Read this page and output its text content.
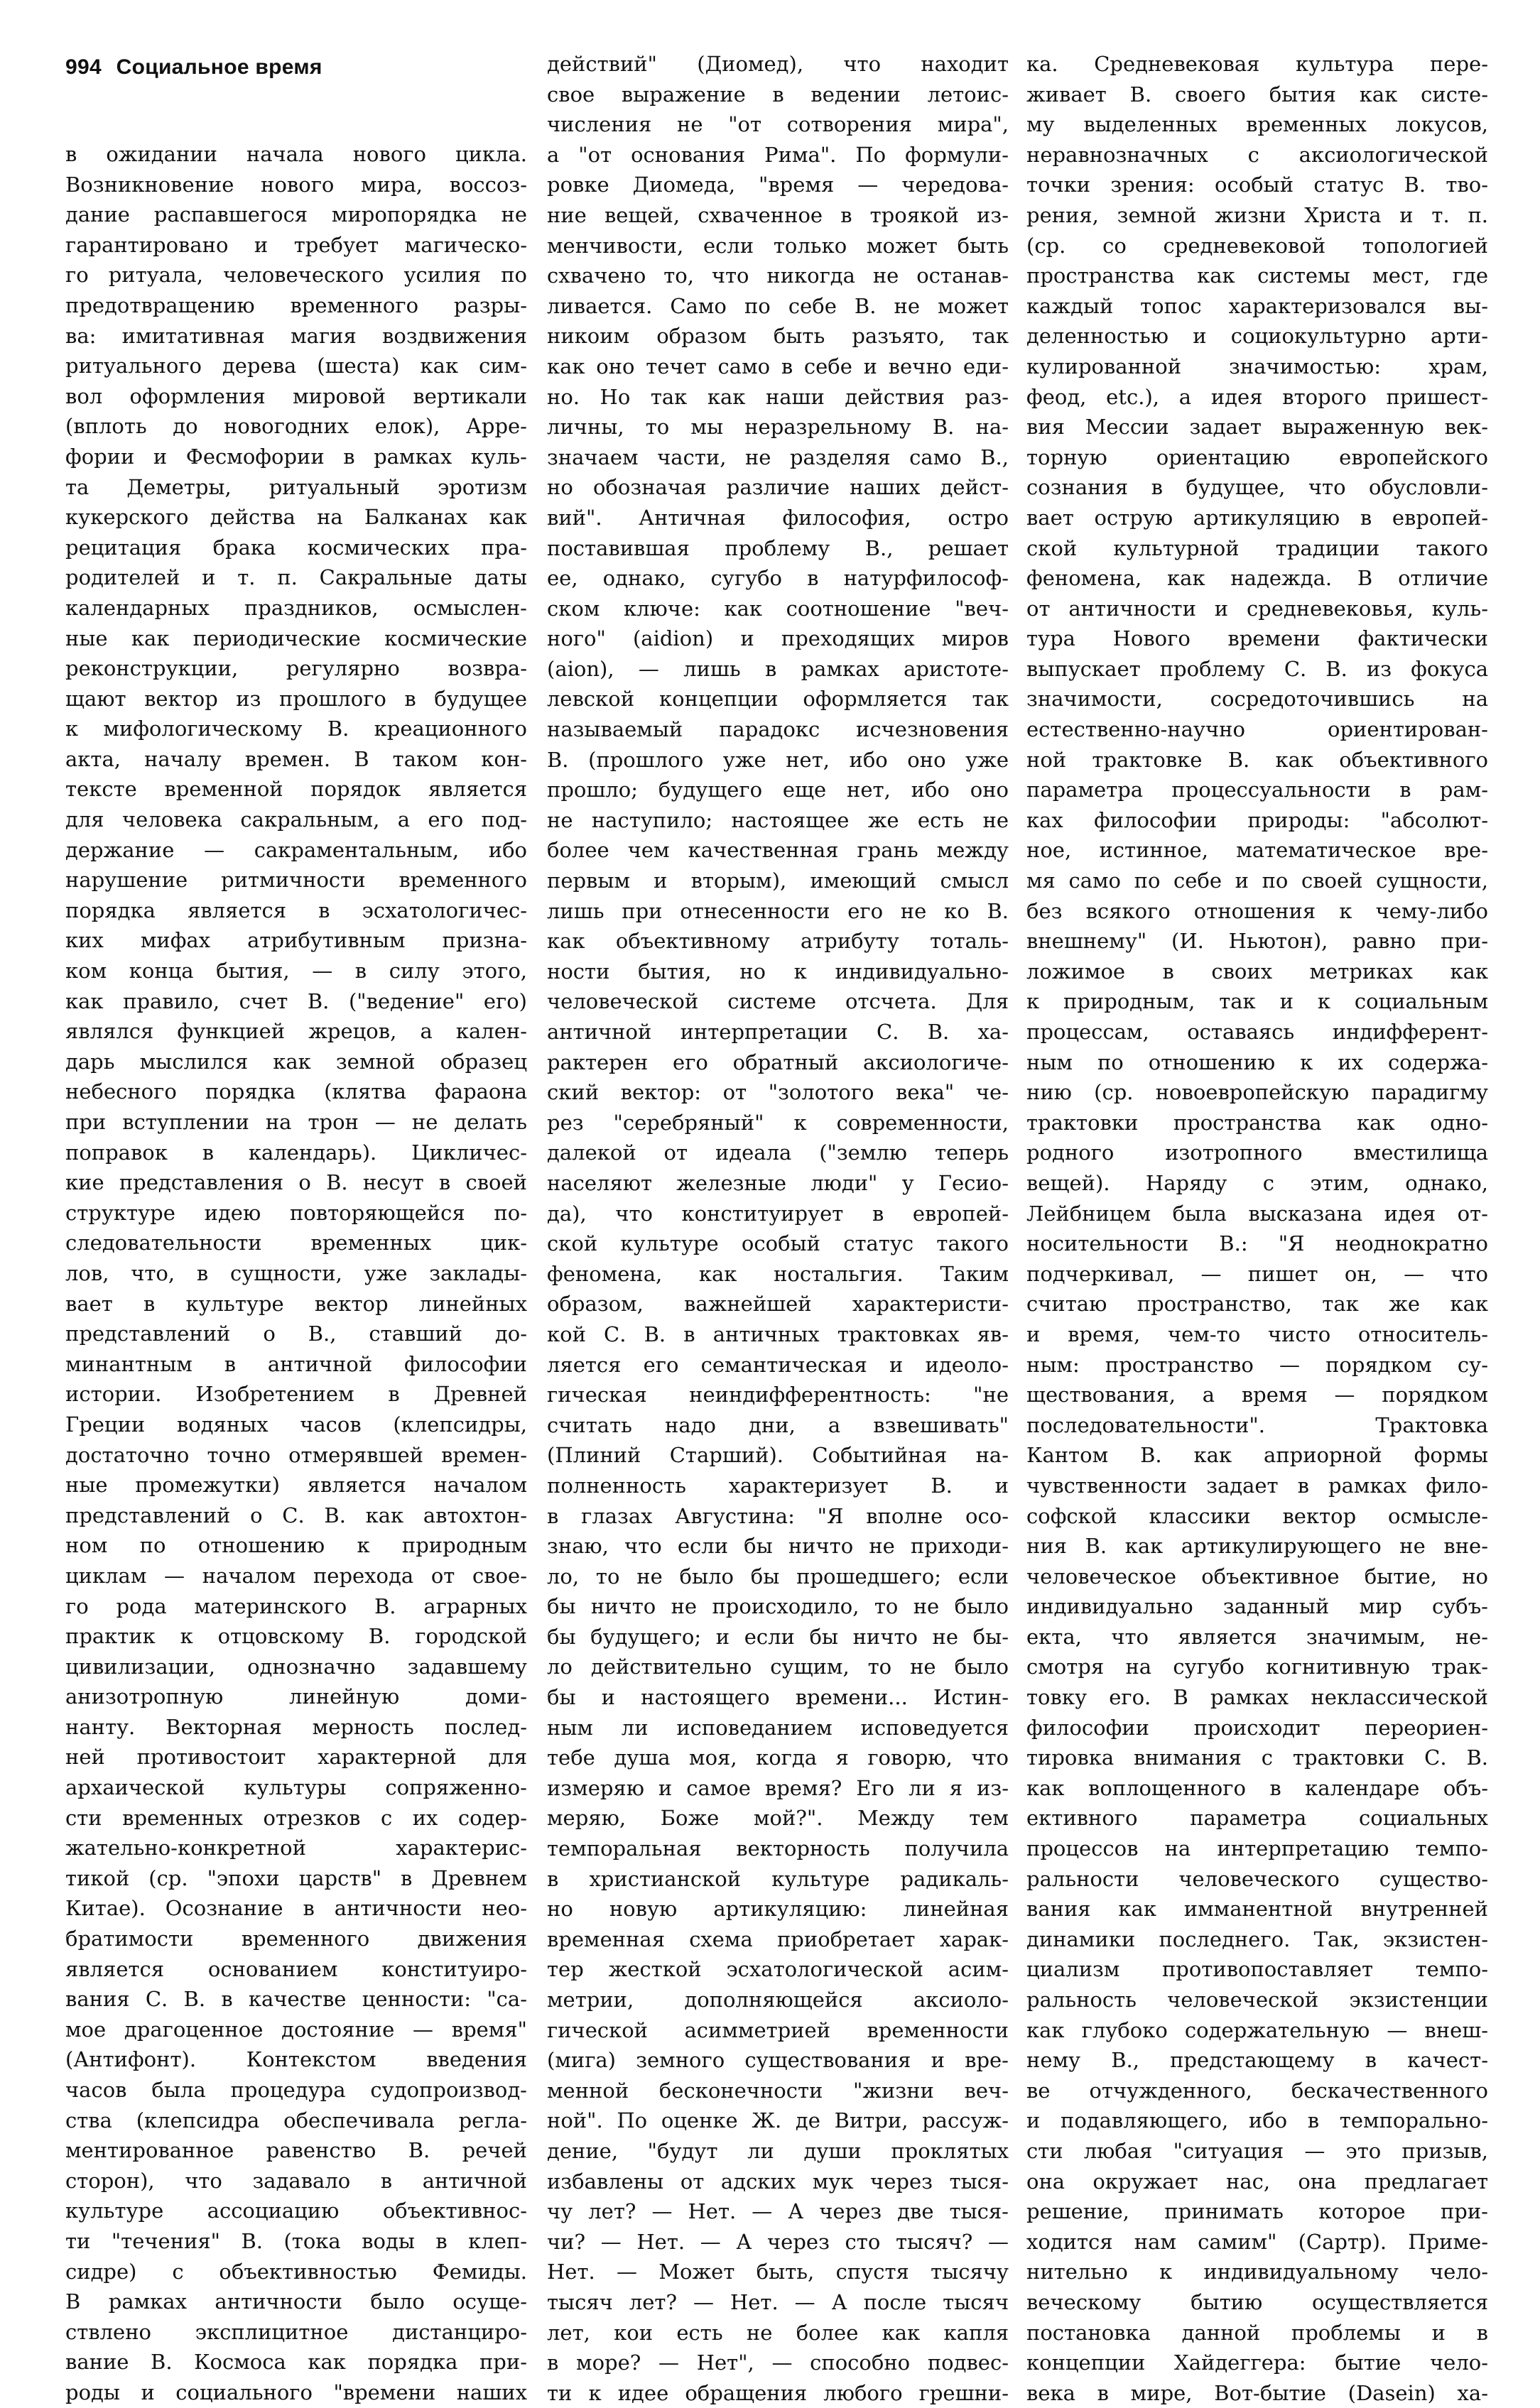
994 Социальное время
в ожидании начала нового цикла.
Возникновение нового мира, воссоз-
дание распавшегося миропорядка не
гарантировано и требует магическо-
го ритуала, человеческого усилия по
предотвращению временного разры-
ва: имитативная магия воздвижения
ритуального дерева (шеста) как сим-
вол оформления мировой вертикали
(вплоть до новогодних елок), Арре-
фории и Фесмофории в рамках куль-
та Деметры, ритуальный эротизм
кукерского действа на Балканах как
рецитация брака космических пра-
родителей и т. п. Сакральные даты
календарных праздников, осмыслен-
ные как периодические космические
реконструкции, регулярно возвра-
щают вектор из прошлого в будущее
к мифологическому В. креационного
акта, началу времен. В таком кон-
тексте временной порядок является
для человека сакральным, а его под-
держание — сакраментальным, ибо
нарушение ритмичности временного
порядка является в эсхатологичес-
ких мифах атрибутивным призна-
ком конца бытия, — в силу этого,
как правило, счет В. ("ведение" его)
являлся функцией жрецов, а кален-
дарь мыслился как земной образец
небесного порядка (клятва фараона
при вступлении на трон — не делать
поправок в календарь). Цикличес-
кие представления о В. несут в своей
структуре идею повторяющейся по-
следовательности временных цик-
лов, что, в сущности, уже заклады-
вает в культуре вектор линейных
представлений о В., ставший до-
минантным в античной философии
истории. Изобретением в Древней
Греции водяных часов (клепсидры,
достаточно точно отмерявшей времен-
ные промежутки) является началом
представлений о С. В. как автохтон-
ном по отношению к природным
циклам — началом перехода от свое-
го рода материнского В. аграрных
практик к отцовскому В. городской
цивилизации, однозначно задавшему
анизотропную линейную доми-
нанту. Векторная мерность послед-
ней противостоит характерной для
архаической культуры сопряженно-
сти временных отрезков с их содер-
жательно-конкретной характерис-
тикой (ср. "эпохи царств" в Древнем
Китае). Осознание в античности нео-
братимости временного движения
является основанием конституиро-
вания С. В. в качестве ценности: "са-
мое драгоценное достояние — время"
(Антифонт). Контекстом введения
часов была процедура судопроизвод-
ства (клепсидра обеспечивала регла-
ментированное равенство В. речей
сторон), что задавало в античной
культуре ассоциацию объективнос-
ти "течения" В. (тока воды в клеп-
сидре) с объективностью Фемиды.
В рамках античности было осуще-
ствлено эксплицитное дистанциро-
вание В. Космоса как порядка при-
роды и социального "времени наших
действий" (Диомед), что находит
свое выражение в ведении летоис-
числения не "от сотворения мира",
а "от основания Рима". По формули-
ровке Диомеда, "время — чередова-
ние вещей, схваченное в троякой из-
менчивости, если только может быть
схвачено то, что никогда не останав-
ливается. Само по себе В. не может
никоим образом быть разъято, так
как оно течет само в себе и вечно еди-
но. Но так как наши действия раз-
личны, то мы неразрельному В. на-
значаем части, не разделяя само В.,
но обозначая различие наших дейст-
вий". Античная философия, остро
поставившая проблему В., решает
ее, однако, сугубо в натурфилософ-
ском ключе: как соотношение "веч-
ного" (aidion) и преходящих миров
(aion), — лишь в рамках аристоте-
левской концепции оформляется так
называемый парадокс исчезновения
В. (прошлого уже нет, ибо оно уже
прошло; будущего еще нет, ибо оно
не наступило; настоящее же есть не
более чем качественная грань между
первым и вторым), имеющий смысл
лишь при отнесенности его не ко В.
как объективному атрибуту тоталь-
ности бытия, но к индивидуально-
человеческой системе отсчета. Для
античной интерпретации С. В. ха-
рактерен его обратный аксиологиче-
ский вектор: от "золотого века" че-
рез "серебряный" к современности,
далекой от идеала ("землю теперь
населяют железные люди" у Гесио-
да), что конституирует в европей-
ской культуре особый статус такого
феномена, как ностальгия. Таким
образом, важнейшей характеристи-
кой С. В. в античных трактовках яв-
ляется его семантическая и идеоло-
гическая неиндифферентность: "не
считать надо дни, а взвешивать"
(Плиний Старший). Событийная на-
полненность характеризует В. и
в глазах Августина: "Я вполне осо-
знаю, что если бы ничто не приходи-
ло, то не было бы прошедшего; если
бы ничто не происходило, то не было
бы будущего; и если бы ничто не бы-
ло действительно сущим, то не было
бы и настоящего времени... Истин-
ным ли исповеданием исповедуется
тебе душа моя, когда я говорю, что
измеряю и самое время? Его ли я из-
меряю, Боже мой?". Между тем
темпоральная векторность получила
в христианской культуре радикаль-
но новую артикуляцию: линейная
временная схема приобретает харак-
тер жесткой эсхатологической асим-
метрии, дополняющейся аксиоло-
гической асимметрией временности
(мига) земного существования и вре-
менной бесконечности "жизни веч-
ной". По оценке Ж. де Витри, рассуж-
дение, "будут ли души проклятых
избавлены от адских мук через тыся-
чу лет? — Нет. — А через две тыся-
чи? — Нет. — А через сто тысяч? —
Нет. — Может быть, спустя тысячу
тысяч лет? — Нет. — А после тысяч
лет, кои есть не более как капля
в море? — Нет", — способно подвес-
ти к идее обращения любого грешни-
ка. Средневековая культура пере-
живает В. своего бытия как систе-
му выделенных временных локусов,
неравнозначных с аксиологической
точки зрения: особый статус В. тво-
рения, земной жизни Христа и т. п.
(ср. со средневековой топологией
пространства как системы мест, где
каждый топос характеризовался вы-
деленностью и социокультурно арти-
кулированной значимостью: храм,
феод, etc.), а идея второго пришест-
вия Мессии задает выраженную век-
торную ориентацию европейского
сознания в будущее, что обусловли-
вает острую артикуляцию в европей-
ской культурной традиции такого
феномена, как надежда. В отличие
от античности и средневековья, куль-
тура Нового времени фактически
выпускает проблему С. В. из фокуса
значимости, сосредоточившись на
естественно-научно ориентирован-
ной трактовке В. как объективного
параметра процессуальности в рам-
ках философии природы: "абсолют-
ное, истинное, математическое вре-
мя само по себе и по своей сущности,
без всякого отношения к чему-либо
внешнему" (И. Ньютон), равно при-
ложимое в своих метриках как
к природным, так и к социальным
процессам, оставаясь индифферент-
ным по отношению к их содержа-
нию (ср. новоевропейскую парадигму
трактовки пространства как одно-
родного изотропного вместилища
вещей). Наряду с этим, однако,
Лейбницем была высказана идея от-
носительности В.: "Я неоднократно
подчеркивал, — пишет он, — что
считаю пространство, так же как
и время, чем-то чисто относитель-
ным: пространство — порядком су-
ществования, а время — порядком
последовательности". Трактовка
Кантом В. как априорной формы
чувственности задает в рамках фило-
софской классики вектор осмысле-
ния В. как артикулирующего не вне-
человеческое объективное бытие, но
индивидуально заданный мир субъ-
екта, что является значимым, не-
смотря на сугубо когнитивную трак-
товку его. В рамках неклассической
философии происходит переориен-
тировка внимания с трактовки С. В.
как воплощенного в календаре объ-
ективного параметра социальных
процессов на интерпретацию темпо-
ральности человеческого существо-
вания как имманентной внутренней
динамики последнего. Так, экзистен-
циализм противопоставляет темпо-
ральность человеческой экзистенции
как глубоко содержательную — внеш-
нему В., предстающему в качест-
ве отчужденного, бескачественного
и подавляющего, ибо в темпорально-
сти любая "ситуация — это призыв,
она окружает нас, она предлагает
решение, принимать которое при-
ходится нам самим" (Сартр). Приме-
нительно к индивидуальному чело-
веческому бытию осуществляется
постановка данной проблемы и в
концепции Хайдеггера: бытие чело-
века в мире, Вот-бытие (Dasein) ха-
